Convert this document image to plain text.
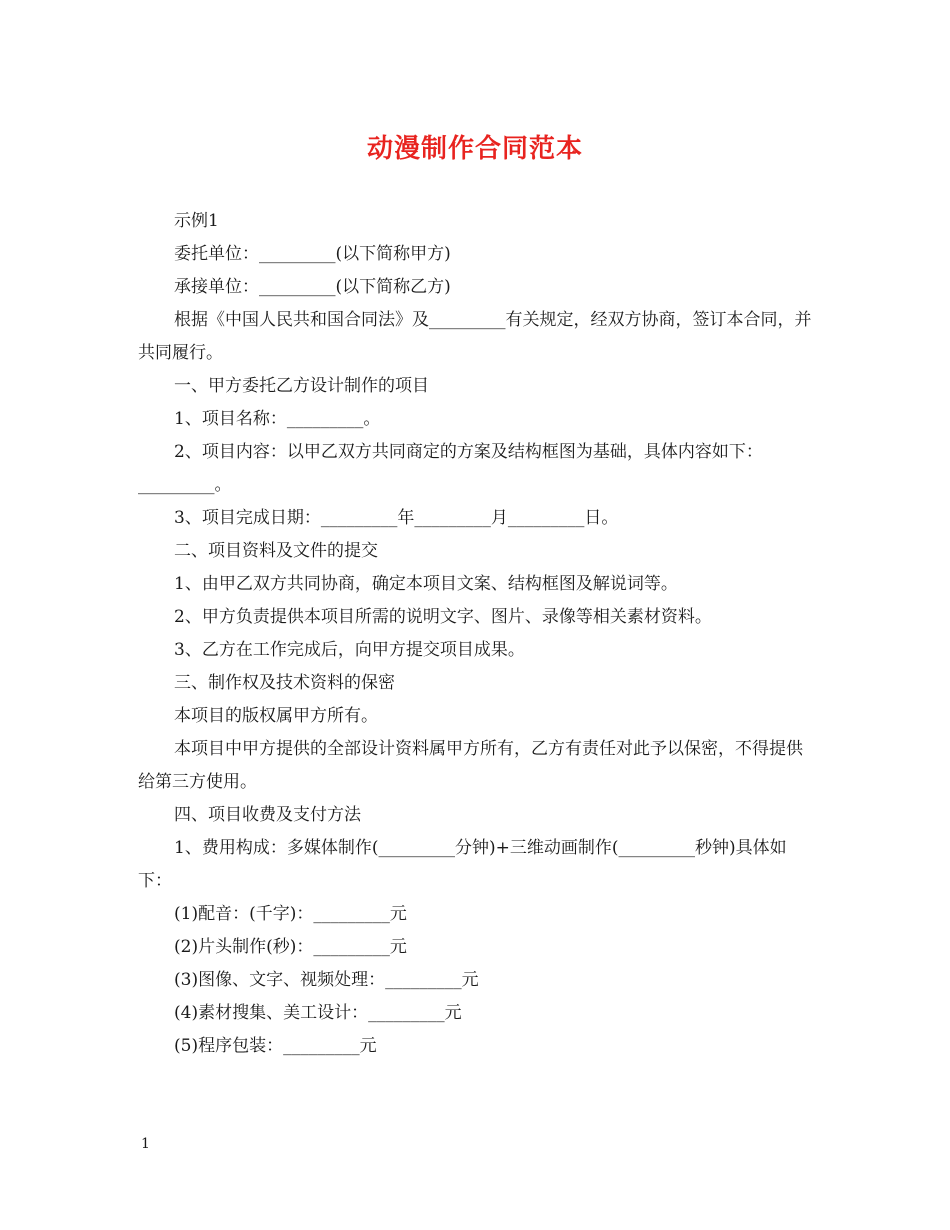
动漫制作合同范本

示例1

委托单位：_________(以下简称甲方)

承接单位：_________(以下简称乙方)

根据《中国人民共和国合同法》及_________有关规定，经双方协商，签订本合同，并共同履行。

一、甲方委托乙方设计制作的项目

1、项目名称：_________。

2、项目内容：以甲乙双方共同商定的方案及结构框图为基础，具体内容如下：_________。

3、项目完成日期：_________年_________月_________日。

二、项目资料及文件的提交

1、由甲乙双方共同协商，确定本项目文案、结构框图及解说词等。

2、甲方负责提供本项目所需的说明文字、图片、录像等相关素材资料。

3、乙方在工作完成后，向甲方提交项目成果。

三、制作权及技术资料的保密

本项目的版权属甲方所有。

本项目中甲方提供的全部设计资料属甲方所有，乙方有责任对此予以保密，不得提供给第三方使用。

四、项目收费及支付方法

1、费用构成：多媒体制作(_________分钟)+三维动画制作(_________秒钟)具体如下：

(1)配音：(千字)：_________元

(2)片头制作(秒)：_________元

(3)图像、文字、视频处理：_________元

(4)素材搜集、美工设计：_________元

(5)程序包装：_________元

1
